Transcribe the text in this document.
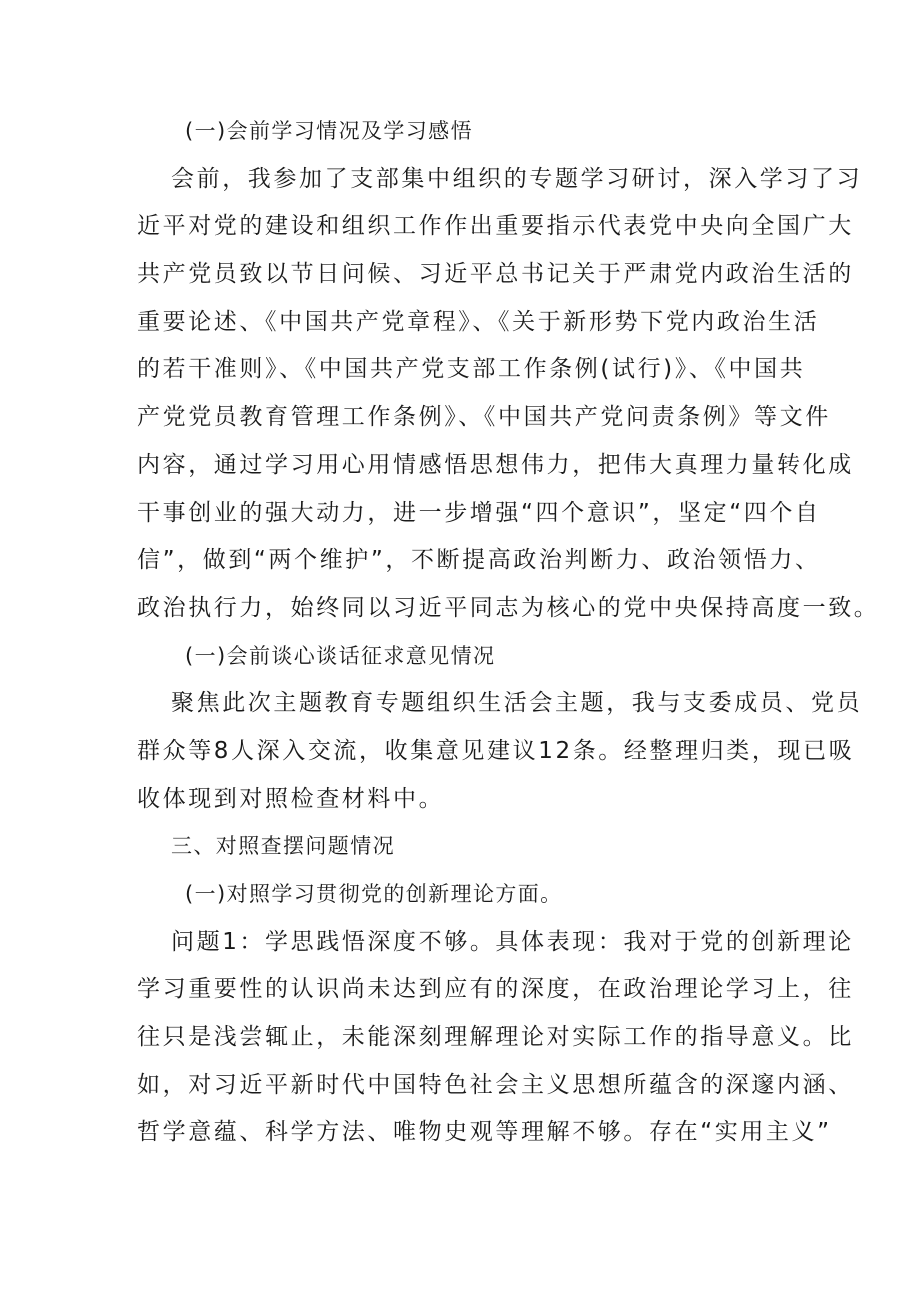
(一)会前学习情况及学习感悟
会前，我参加了支部集中组织的专题学习研讨，深入学习了习
近平对党的建设和组织工作作出重要指示代表党中央向全国广大
共产党员致以节日问候、习近平总书记关于严肃党内政治生活的
重要论述、《中国共产党章程》、《关于新形势下党内政治生活
的若干准则》、《中国共产党支部工作条例(试行)》、《中国共
产党党员教育管理工作条例》、《中国共产党问责条例》等文件
内容，通过学习用心用情感悟思想伟力，把伟大真理力量转化成
干事创业的强大动力，进一步增强“四个意识”，坚定“四个自
信”，做到“两个维护”，不断提高政治判断力、政治领悟力、
政治执行力，始终同以习近平同志为核心的党中央保持高度一致。
(一)会前谈心谈话征求意见情况
聚焦此次主题教育专题组织生活会主题，我与支委成员、党员
群众等8人深入交流，收集意见建议12条。经整理归类，现已吸
收体现到对照检查材料中。
三、对照查摆问题情况
(一)对照学习贯彻党的创新理论方面。
问题1：学思践悟深度不够。具体表现：我对于党的创新理论
学习重要性的认识尚未达到应有的深度，在政治理论学习上，往
往只是浅尝辄止，未能深刻理解理论对实际工作的指导意义。比
如，对习近平新时代中国特色社会主义思想所蕴含的深邃内涵、
哲学意蕴、科学方法、唯物史观等理解不够。存在“实用主义”
